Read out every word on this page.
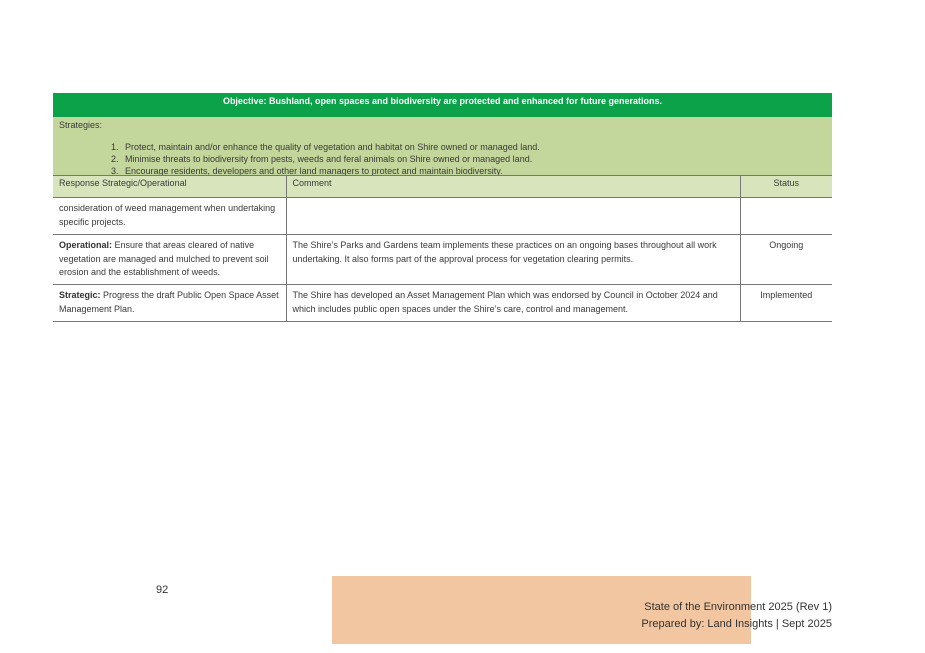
Objective: Bushland, open spaces and biodiversity are protected and enhanced for future generations.
Strategies:
1. Protect, maintain and/or enhance the quality of vegetation and habitat on Shire owned or managed land.
2. Minimise threats to biodiversity from pests, weeds and feral animals on Shire owned or managed land.
3. Encourage residents, developers and other land managers to protect and maintain biodiversity.
Response Strategic/Operational	Comment	Status
consideration of weed management when undertaking specific projects.		
Operational: Ensure that areas cleared of native vegetation are managed and mulched to prevent soil erosion and the establishment of weeds.	The Shire’s Parks and Gardens team implements these practices on an ongoing bases throughout all work undertaking. It also forms part of the approval process for vegetation clearing permits.	Ongoing
Strategic: Progress the draft Public Open Space Asset Management Plan.	The Shire has developed an Asset Management Plan which was endorsed by Council in October 2024 and which includes public open spaces under the Shire’s care, control and management.	Implemented
92
State of the Environment 2025 (Rev 1)
Prepared by: Land Insights | Sept 2025
